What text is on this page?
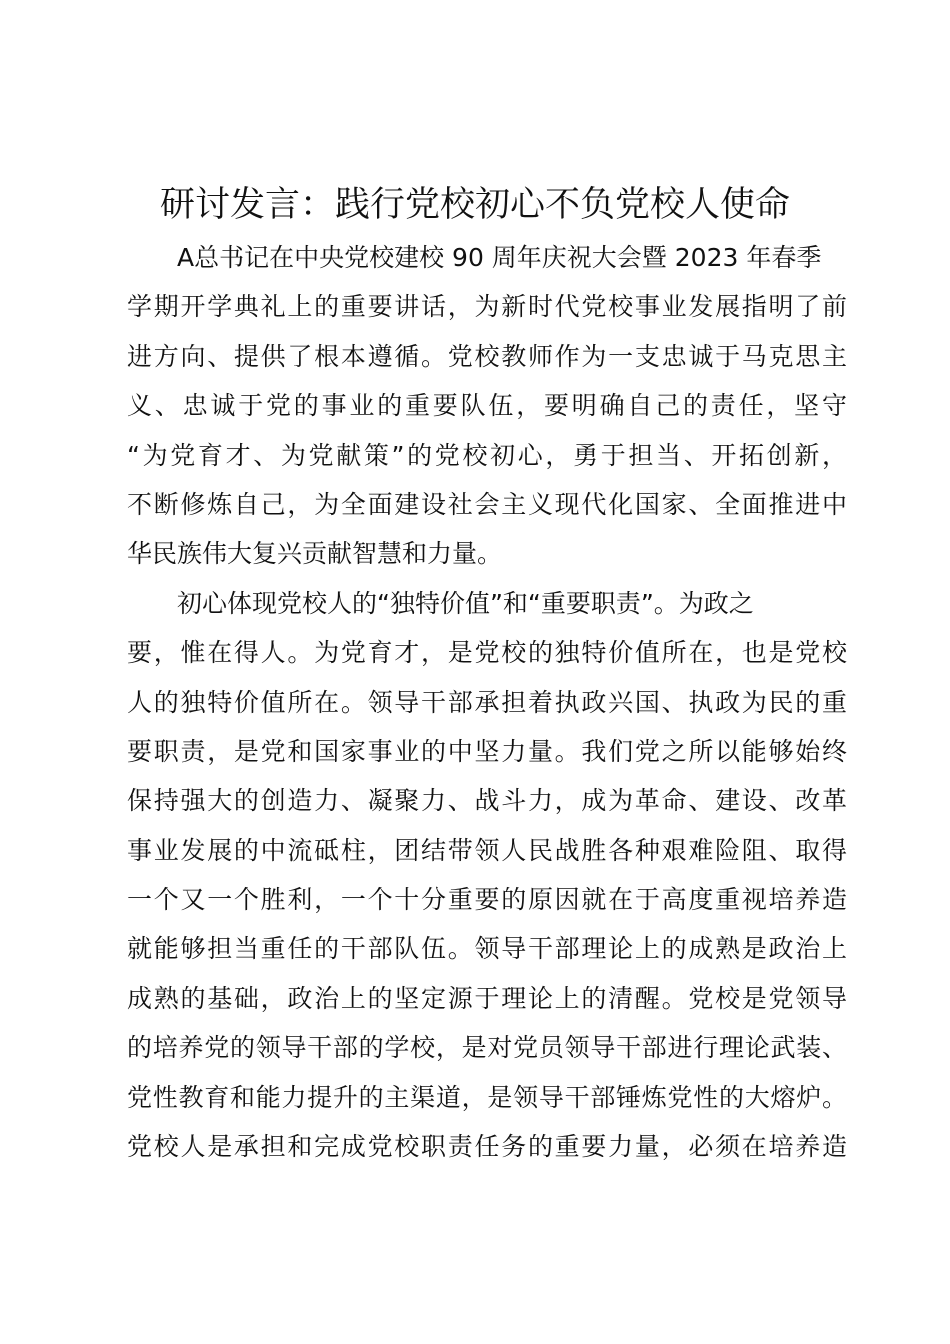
研讨发言：践行党校初心不负党校人使命
A总书记在中央党校建校 90 周年庆祝大会暨 2023 年春季
学期开学典礼上的重要讲话，为新时代党校事业发展指明了前
进方向、提供了根本遵循。党校教师作为一支忠诚于马克思主
义、忠诚于党的事业的重要队伍，要明确自己的责任，坚守
“为党育才、为党献策”的党校初心，勇于担当、开拓创新，
不断修炼自己，为全面建设社会主义现代化国家、全面推进中
华民族伟大复兴贡献智慧和力量。
初心体现党校人的“独特价值”和“重要职责”。为政之
要，惟在得人。为党育才，是党校的独特价值所在，也是党校
人的独特价值所在。领导干部承担着执政兴国、执政为民的重
要职责，是党和国家事业的中坚力量。我们党之所以能够始终
保持强大的创造力、凝聚力、战斗力，成为革命、建设、改革
事业发展的中流砥柱，团结带领人民战胜各种艰难险阻、取得
一个又一个胜利，一个十分重要的原因就在于高度重视培养造
就能够担当重任的干部队伍。领导干部理论上的成熟是政治上
成熟的基础，政治上的坚定源于理论上的清醒。党校是党领导
的培养党的领导干部的学校，是对党员领导干部进行理论武装、
党性教育和能力提升的主渠道，是领导干部锤炼党性的大熔炉。
党校人是承担和完成党校职责任务的重要力量，必须在培养造
